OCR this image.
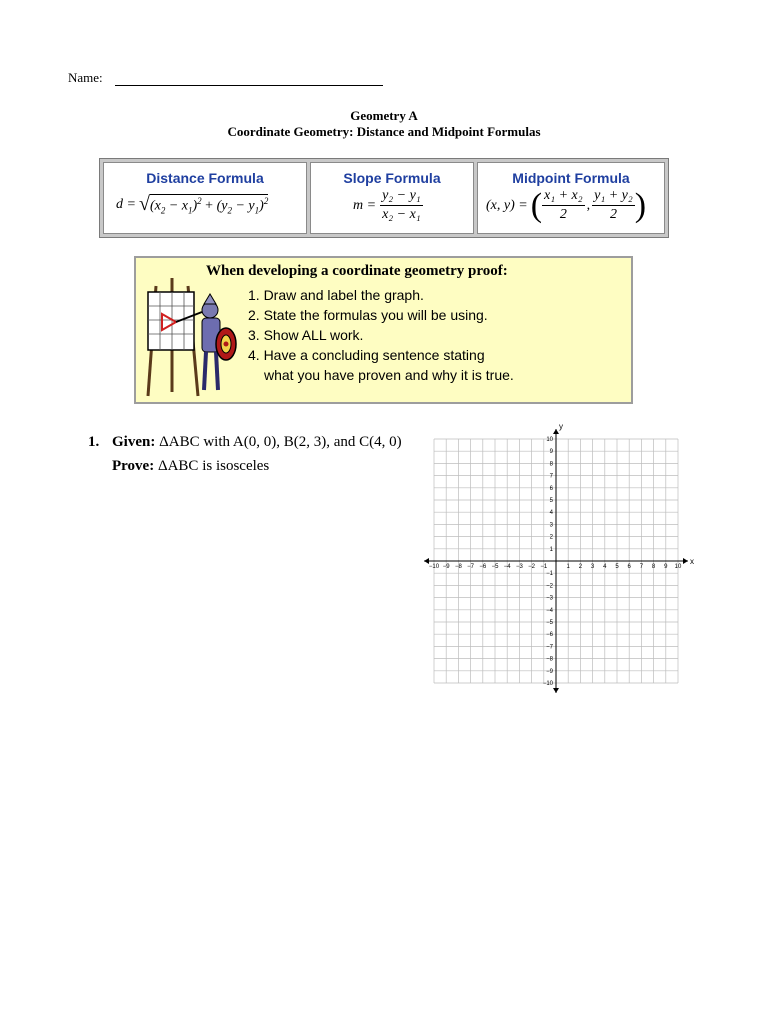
Name:
Geometry A
Coordinate Geometry: Distance and Midpoint Formulas
Distance Formula
d = √ $(x_2 - x_1)^2 + (y_2 - y_1)^2$
Slope Formula
$m = \frac{\text{y₂ − y₁}}{\text{x₂ − x₁}}$
Midpoint Formula
(x, y) = ( $\frac{\text{x₁ + x₂}}{2}$ , $\frac{\text{y₁ + y₂}}{2}$ )
When developing a coordinate geometry proof:
1. Draw and label the graph.
2. State the formulas you will be using.
3. Show ALL work.
4. Have a concluding sentence stating
what you have proven and why it is true.
1. Given: ΔABC with A(0, 0), B(2, 3), and C(4, 0)
Prove: ΔABC is isosceles
−10 −9 −8 −7 −6 −5 −4 −3 −2 −1	1 2 3 4 5 6 7 8 9 10
10
9
8
7
6
5
4
3
2
1
−1
−2
−3
−4
−5
−6
−7
−8
−9
−10
x
y
